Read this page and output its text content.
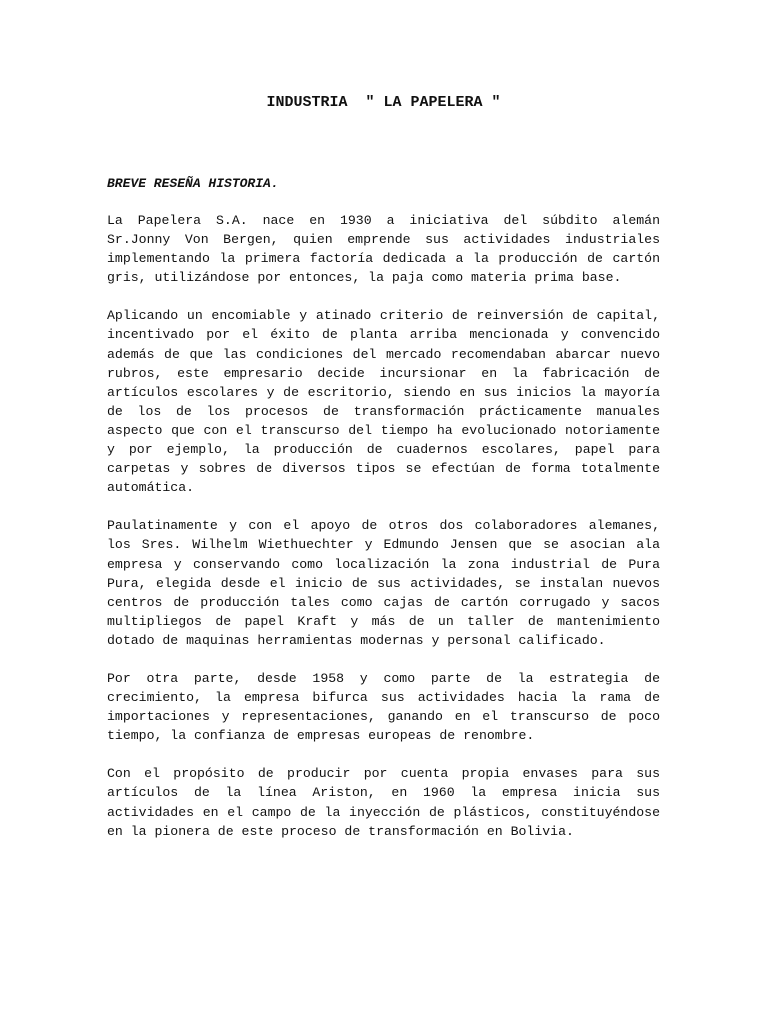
INDUSTRIA  " LA PAPELERA "
BREVE RESEÑA HISTORIA.

La Papelera S.A. nace en 1930 a iniciativa del súbdito alemán Sr.Jonny Von Bergen, quien emprende sus actividades industriales implementando la primera factoría dedicada a la producción de cartón gris, utilizándose por entonces, la paja como materia prima base.

Aplicando un encomiable y atinado criterio de reinversión de capital, incentivado por el éxito de planta arriba mencionada y convencido además de que las condiciones del mercado recomendaban abarcar nuevo rubros, este empresario decide incursionar en la fabricación de artículos escolares y de escritorio, siendo en sus inicios la mayoría de los de los procesos de transformación prácticamente manuales aspecto que con el transcurso del tiempo ha evolucionado notoriamente y por ejemplo, la producción de cuadernos escolares, papel para carpetas y sobres de diversos tipos se efectúan de forma totalmente automática.

Paulatinamente y con el apoyo de otros dos colaboradores alemanes, los Sres. Wilhelm Wiethuechter y Edmundo Jensen que se asocian ala empresa y conservando como localización la zona industrial de Pura Pura, elegida desde el inicio de sus actividades, se instalan nuevos centros de producción tales como cajas de cartón corrugado y sacos multipliegos de papel Kraft y más de un taller de mantenimiento dotado de maquinas herramientas modernas y personal calificado.

Por otra parte, desde 1958 y como parte de la estrategia de crecimiento, la empresa bifurca sus actividades hacia la rama de importaciones y representaciones, ganando en el transcurso de poco tiempo, la confianza de empresas europeas de renombre.

Con el propósito de producir por cuenta propia envases para sus artículos de la línea Ariston, en 1960 la empresa inicia sus actividades en el campo de la inyección de plásticos, constituyéndose en la pionera de este proceso de transformación en Bolivia.
